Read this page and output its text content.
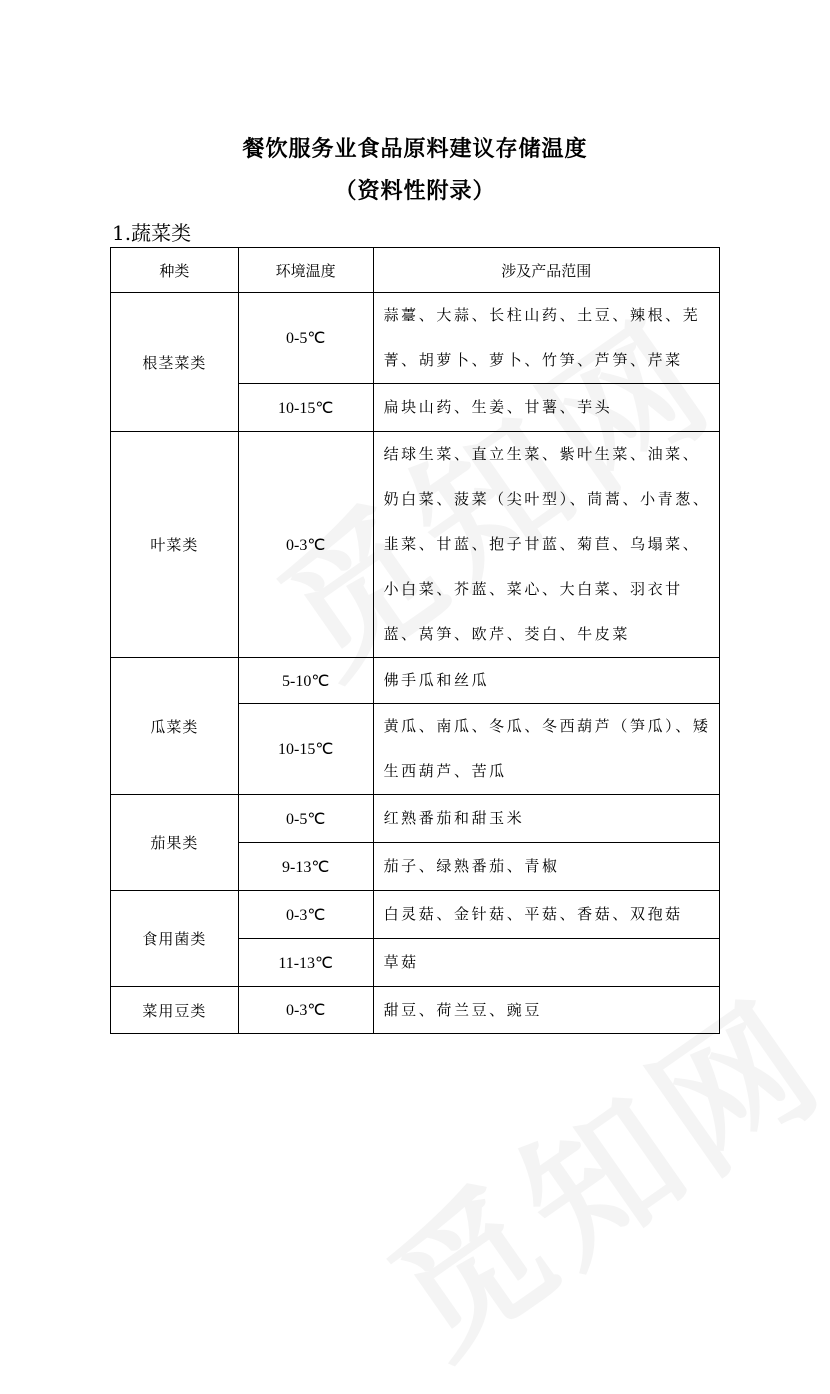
餐饮服务业食品原料建议存储温度
（资料性附录）
1.蔬菜类
种类	环境温度	涉及产品范围
根茎菜类	0-5℃	蒜薹、大蒜、长柱山药、土豆、辣根、芜菁、胡萝卜、萝卜、竹笋、芦笋、芹菜
	10-15℃	扁块山药、生姜、甘薯、芋头
叶菜类	0-3℃	结球生菜、直立生菜、紫叶生菜、油菜、奶白菜、菠菜（尖叶型）、茼蒿、小青葱、韭菜、甘蓝、抱子甘蓝、菊苣、乌塌菜、小白菜、芥蓝、菜心、大白菜、羽衣甘蓝、莴笋、欧芹、茭白、牛皮菜
瓜菜类	5-10℃	佛手瓜和丝瓜
	10-15℃	黄瓜、南瓜、冬瓜、冬西葫芦（笋瓜）、矮生西葫芦、苦瓜
茄果类	0-5℃	红熟番茄和甜玉米
	9-13℃	茄子、绿熟番茄、青椒
食用菌类	0-3℃	白灵菇、金针菇、平菇、香菇、双孢菇
	11-13℃	草菇
菜用豆类	0-3℃	甜豆、荷兰豆、豌豆
